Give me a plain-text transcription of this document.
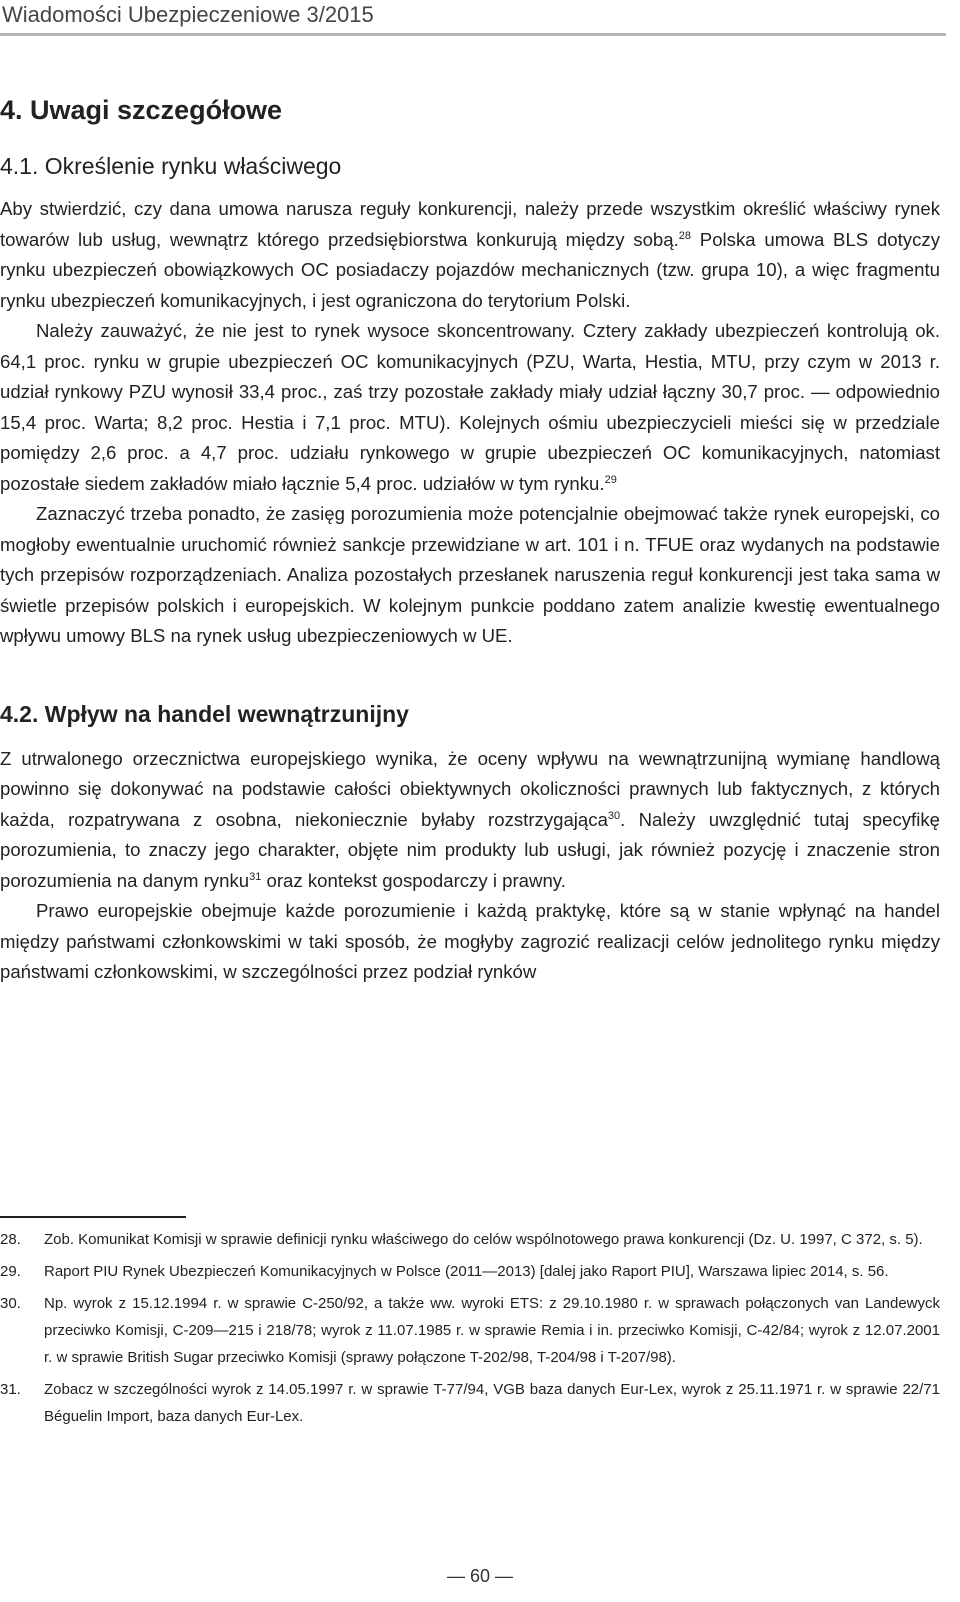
Wiadomości Ubezpieczeniowe 3/2015
4. Uwagi szczegółowe
4.1. Określenie rynku właściwego

Aby stwierdzić, czy dana umowa narusza reguły konkurencji, należy przede wszystkim określić właściwy rynek towarów lub usług, wewnątrz którego przedsiębiorstwa konkurują między sobą.$^{28}$ Polska umowa BLS dotyczy rynku ubezpieczeń obowiązkowych OC posiadaczy pojazdów mechanicznych (tzw. grupa 10), a więc fragmentu rynku ubezpieczeń komunikacyjnych, i jest ograniczona do terytorium Polski.

Należy zauważyć, że nie jest to rynek wysoce skoncentrowany. Cztery zakłady ubezpieczeń kontrolują ok. 64,1 proc. rynku w grupie ubezpieczeń OC komunikacyjnych (PZU, Warta, Hestia, MTU, przy czym w 2013 r. udział rynkowy PZU wynosił 33,4 proc., zaś trzy pozostałe zakłady miały udział łączny 30,7 proc. — odpowiednio 15,4 proc. Warta; 8,2 proc. Hestia i 7,1 proc. MTU). Kolejnych ośmiu ubezpieczycieli mieści się w przedziale pomiędzy 2,6 proc. a 4,7 proc. udziału rynkowego w grupie ubezpieczeń OC komunikacyjnych, natomiast pozostałe siedem zakładów miało łącznie 5,4 proc. udziałów w tym rynku.$^{29}$

Zaznaczyć trzeba ponadto, że zasięg porozumienia może potencjalnie obejmować także rynek europejski, co mogłoby ewentualnie uruchomić również sankcje przewidziane w art. 101 i n. TFUE oraz wydanych na podstawie tych przepisów rozporządzeniach. Analiza pozostałych przesłanek naruszenia reguł konkurencji jest taka sama w świetle przepisów polskich i europejskich. W kolejnym punkcie poddano zatem analizie kwestię ewentualnego wpływu umowy BLS na rynek usług ubezpieczeniowych w UE.

4.2. Wpływ na handel wewnątrzunijny

Z utrwalonego orzecznictwa europejskiego wynika, że oceny wpływu na wewnątrzunijną wymianę handlową powinno się dokonywać na podstawie całości obiektywnych okoliczności prawnych lub faktycznych, z których każda, rozpatrywana z osobna, niekoniecznie byłaby rozstrzygająca$^{30}$. Należy uwzględnić tutaj specyfikę porozumienia, to znaczy jego charakter, objęte nim produkty lub usługi, jak również pozycję i znaczenie stron porozumienia na danym rynku$^{31}$ oraz kontekst gospodarczy i prawny.

Prawo europejskie obejmuje każde porozumienie i każdą praktykę, które są w stanie wpłynąć na handel między państwami członkowskimi w taki sposób, że mogłyby zagrozić realizacji celów jednolitego rynku między państwami członkowskimi, w szczególności przez podział rynków

28.	Zob. Komunikat Komisji w sprawie definicji rynku właściwego do celów wspólnotowego prawa konkurencji (Dz. U. 1997, C 372, s. 5).
29.	Raport PIU Rynek Ubezpieczeń Komunikacyjnych w Polsce (2011—2013) [dalej jako Raport PIU], Warszawa lipiec 2014, s. 56.
30.	Np. wyrok z 15.12.1994 r. w sprawie C-250/92, a także ww. wyroki ETS: z 29.10.1980 r. w sprawach połączonych van Landewyck przeciwko Komisji, C-209—215 i 218/78; wyrok z 11.07.1985 r. w sprawie Remia i in. przeciwko Komisji, C-42/84; wyrok z 12.07.2001 r. w sprawie British Sugar przeciwko Komisji (sprawy połączone T-202/98, T-204/98 i T-207/98).
31.	Zobacz w szczególności wyrok z 14.05.1997 r. w sprawie T-77/94, VGB baza danych Eur-Lex, wyrok z 25.11.1971 r. w sprawie 22/71 Béguelin Import, baza danych Eur-Lex.
— 60 —
